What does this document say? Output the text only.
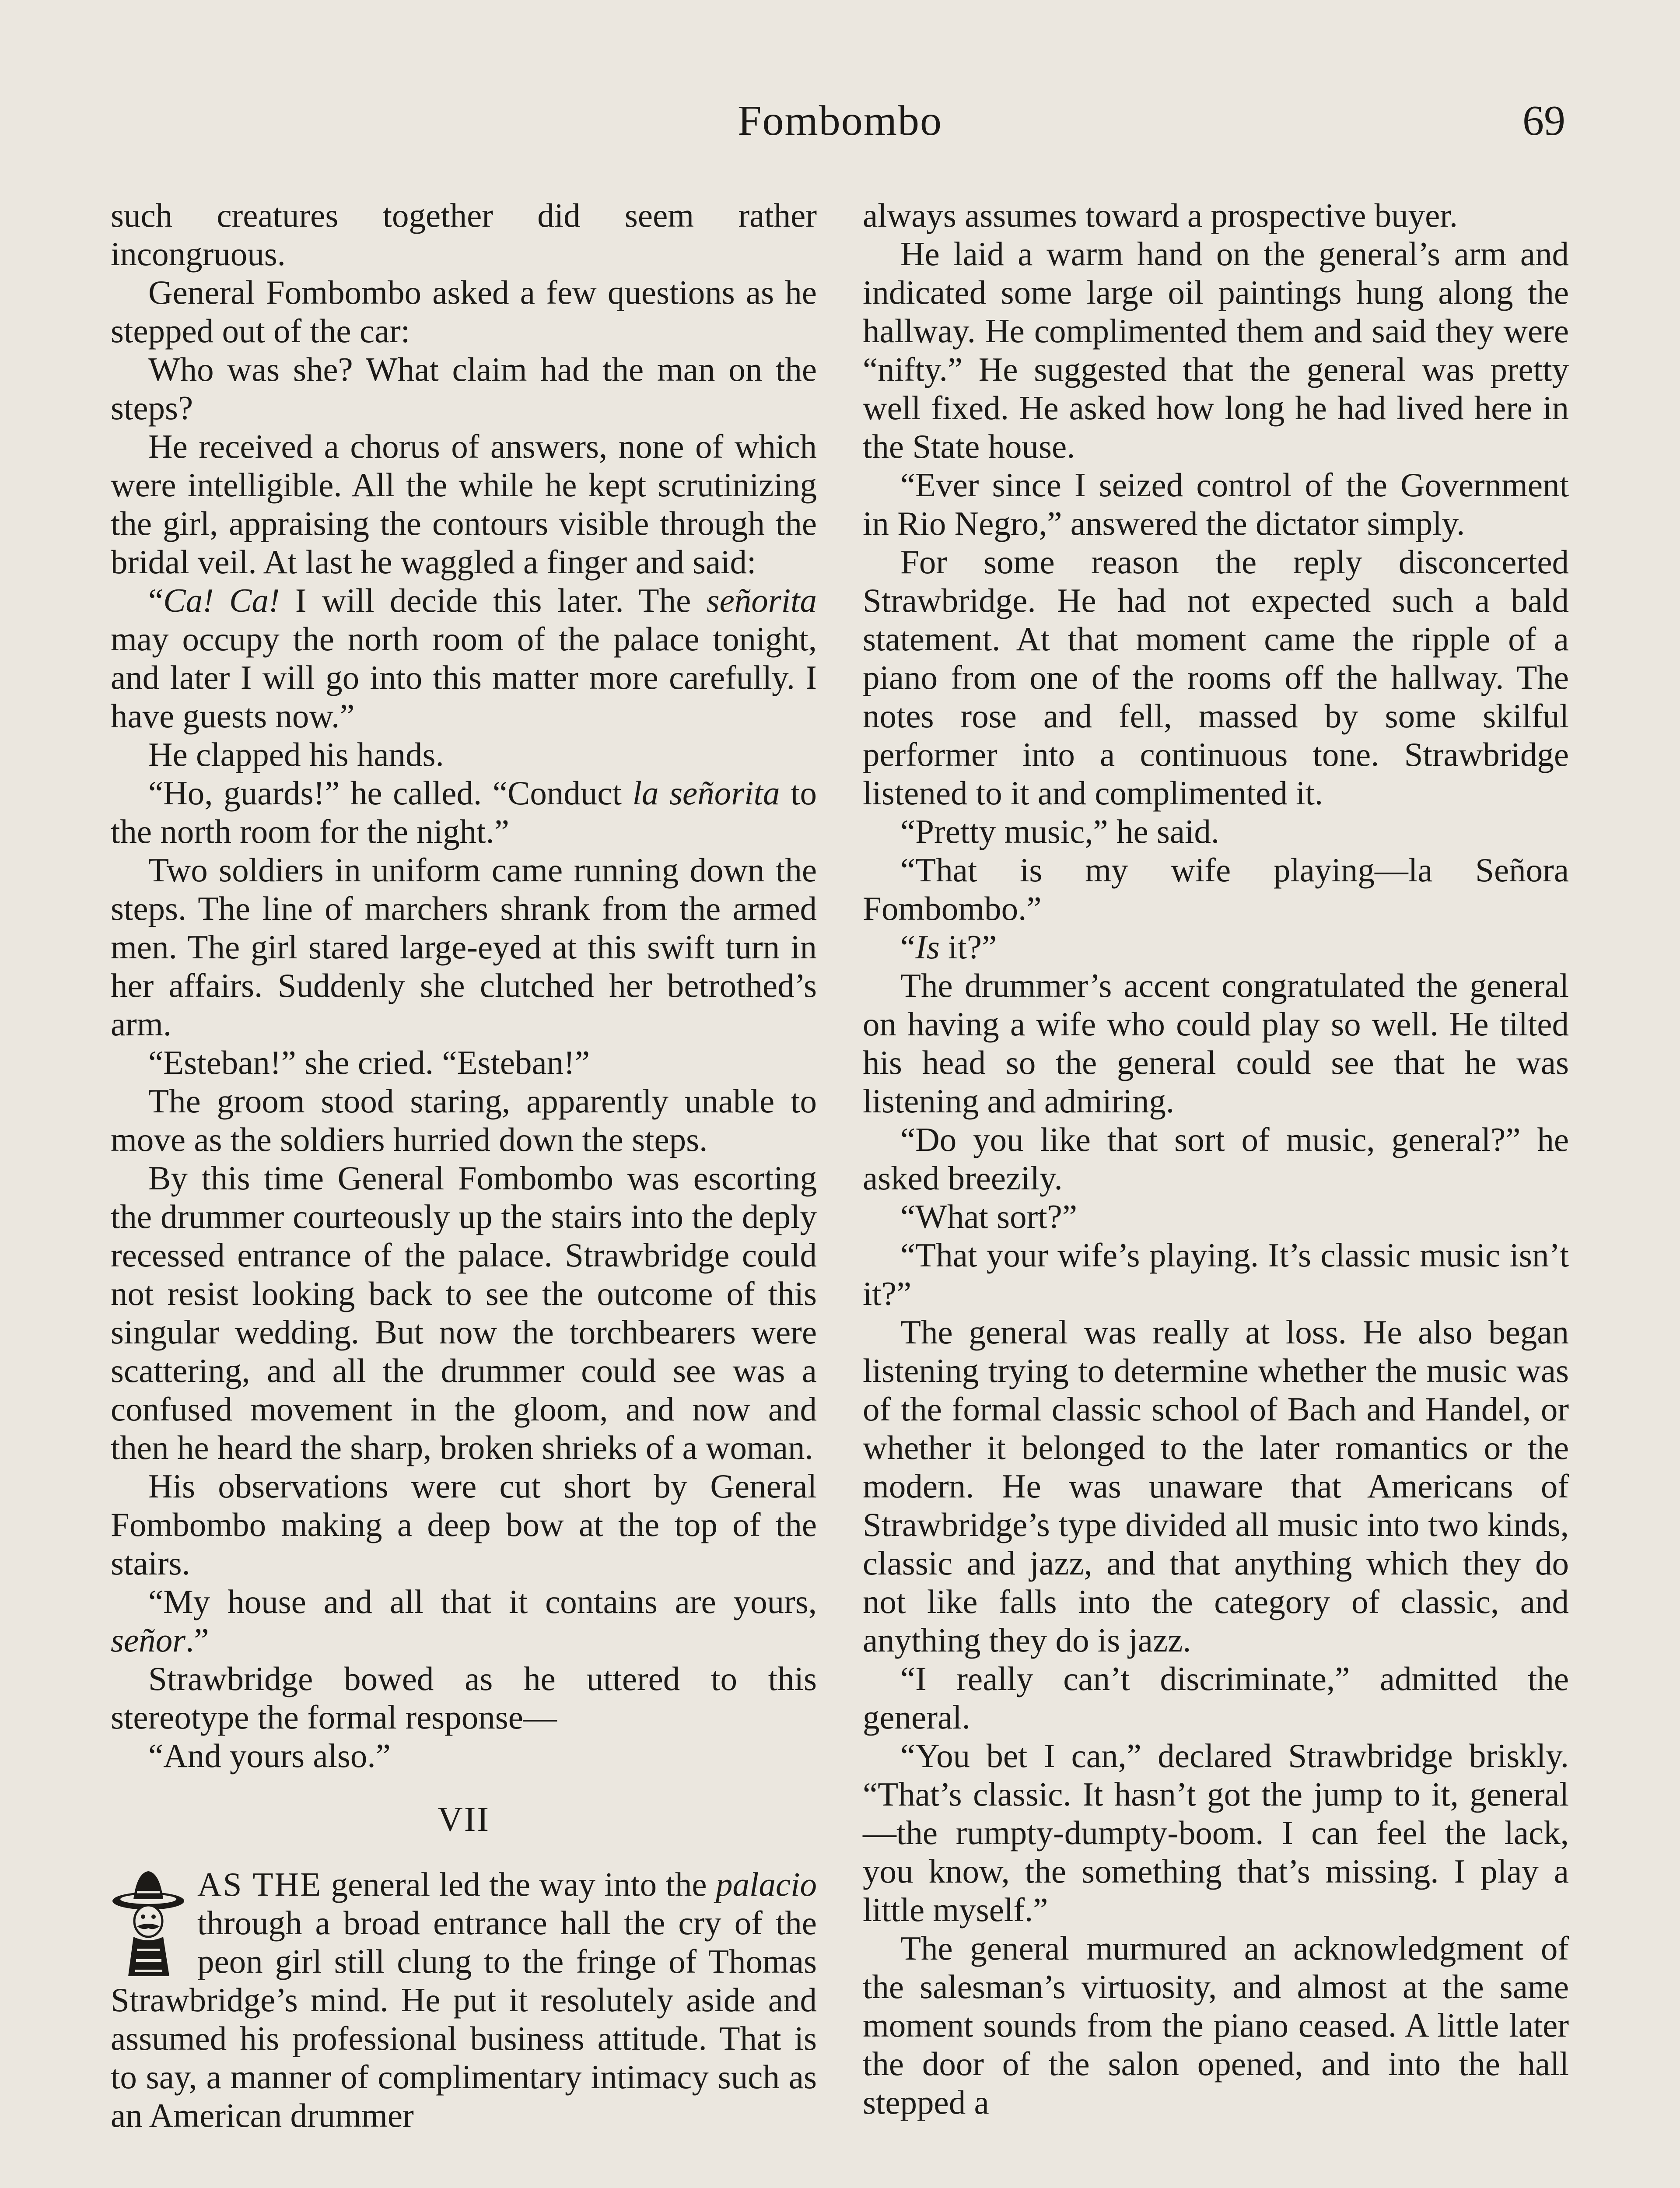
Fombombo	69

such creatures together did seem rather incongruous.

General Fombombo asked a few questions as he stepped out of the car:

Who was she? What claim had the man on the steps?

He received a chorus of answers, none of which were intelligible. All the while he kept scrutinizing the girl, appraising the contours visible through the bridal veil. At last he waggled a finger and said:

“Ca! Ca! I will decide this later. The señorita may occupy the north room of the palace tonight, and later I will go into this matter more carefully. I have guests now.”

He clapped his hands.

“Ho, guards!” he called. “Conduct la señorita to the north room for the night.”

Two soldiers in uniform came running down the steps. The line of marchers shrank from the armed men. The girl stared large-eyed at this swift turn in her affairs. Suddenly she clutched her betrothed’s arm.

“Esteban!” she cried. “Esteban!”

The groom stood staring, apparently unable to move as the soldiers hurried down the steps.

By this time General Fombombo was escorting the drummer courteously up the stairs into the deply recessed entrance of the palace. Strawbridge could not resist looking back to see the outcome of this singular wedding. But now the torchbearers were scattering, and all the drummer could see was a confused movement in the gloom, and now and then he heard the sharp, broken shrieks of a woman.

His observations were cut short by General Fombombo making a deep bow at the top of the stairs.

“My house and all that it contains are yours, señor.”

Strawbridge bowed as he uttered to this stereotype the formal response—

“And yours also.”

VII

AS THE general led the way into the palacio through a broad entrance hall the cry of the peon girl still clung to the fringe of Thomas Strawbridge’s mind. He put it resolutely aside and assumed his professional business attitude. That is to say, a manner of complimentary intimacy such as an American drummer

always assumes toward a prospective buyer.

He laid a warm hand on the general’s arm and indicated some large oil paintings hung along the hallway. He complimented them and said they were “nifty.” He suggested that the general was pretty well fixed. He asked how long he had lived here in the State house.

“Ever since I seized control of the Government in Rio Negro,” answered the dictator simply.

For some reason the reply disconcerted Strawbridge. He had not expected such a bald statement. At that moment came the ripple of a piano from one of the rooms off the hallway. The notes rose and fell, massed by some skilful performer into a continuous tone. Strawbridge listened to it and complimented it.

“Pretty music,” he said.

“That is my wife playing—la Señora Fombombo.”

“Is it?”

The drummer’s accent congratulated the general on having a wife who could play so well. He tilted his head so the general could see that he was listening and admiring.

“Do you like that sort of music, general?” he asked breezily.

“What sort?”

“That your wife’s playing. It’s classic music isn’t it?”

The general was really at loss. He also began listening trying to determine whether the music was of the formal classic school of Bach and Handel, or whether it belonged to the later romantics or the modern. He was unaware that Americans of Strawbridge’s type divided all music into two kinds, classic and jazz, and that anything which they do not like falls into the category of classic, and anything they do is jazz.

“I really can’t discriminate,” admitted the general.

“You bet I can,” declared Strawbridge briskly. “That’s classic. It hasn’t got the jump to it, general—the rumpty-dumpty-boom. I can feel the lack, you know, the something that’s missing. I play a little myself.”

The general murmured an acknowledgment of the salesman’s virtuosity, and almost at the same moment sounds from the piano ceased. A little later the door of the salon opened, and into the hall stepped a
